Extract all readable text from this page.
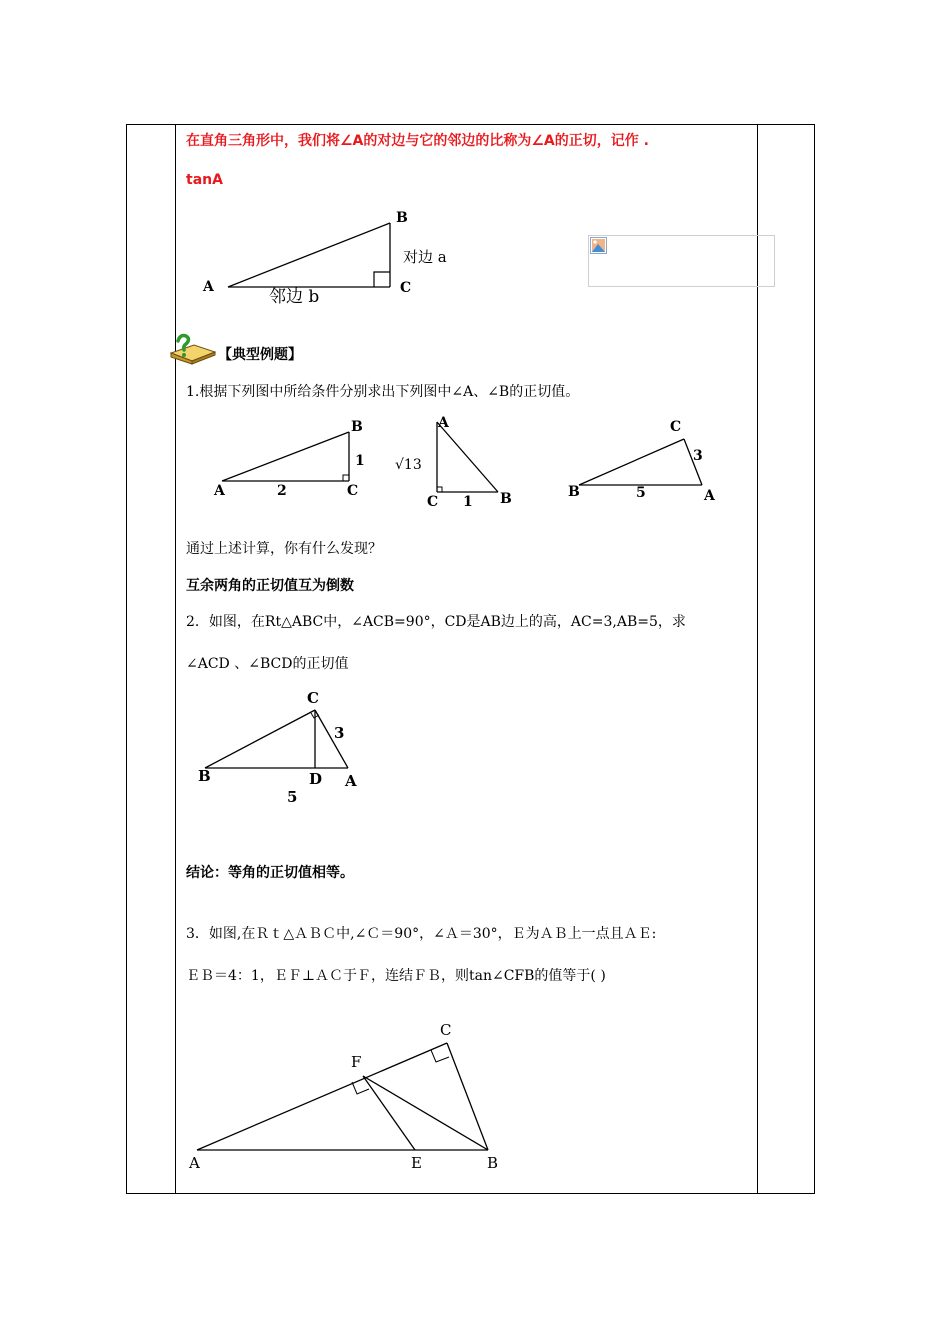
在直角三角形中，我们将∠A的对边与它的邻边的比称为∠A的正切，记作 .
tanA
A
B
C
对边 a
邻边 b
【典型例题】
1.根据下列图中所给条件分别求出下列图中∠A、∠B的正切值。
A
B
C
2
1
A
B
C 1
√13
C
B	A
3
5
通过上述计算，你有什么发现？
互余两角的正切值互为倒数
2．如图，在Rt△ABC中，∠ACB=90°，CD是AB边上的高，AC=3,AB=5，求
∠ACD 、∠BCD的正切值
C
B	D A
3
5
结论：等角的正切值相等。
3．如图,在Ｒｔ△ＡＢＣ中,∠Ｃ＝90°，∠Ａ＝30°，Ｅ为ＡＢ上一点且ＡＥ:
ＥＢ＝4：1，ＥＦ⊥ＡＣ于Ｆ，连结ＦＢ，则tan∠CFB的值等于( )
C
F
A	E	B
